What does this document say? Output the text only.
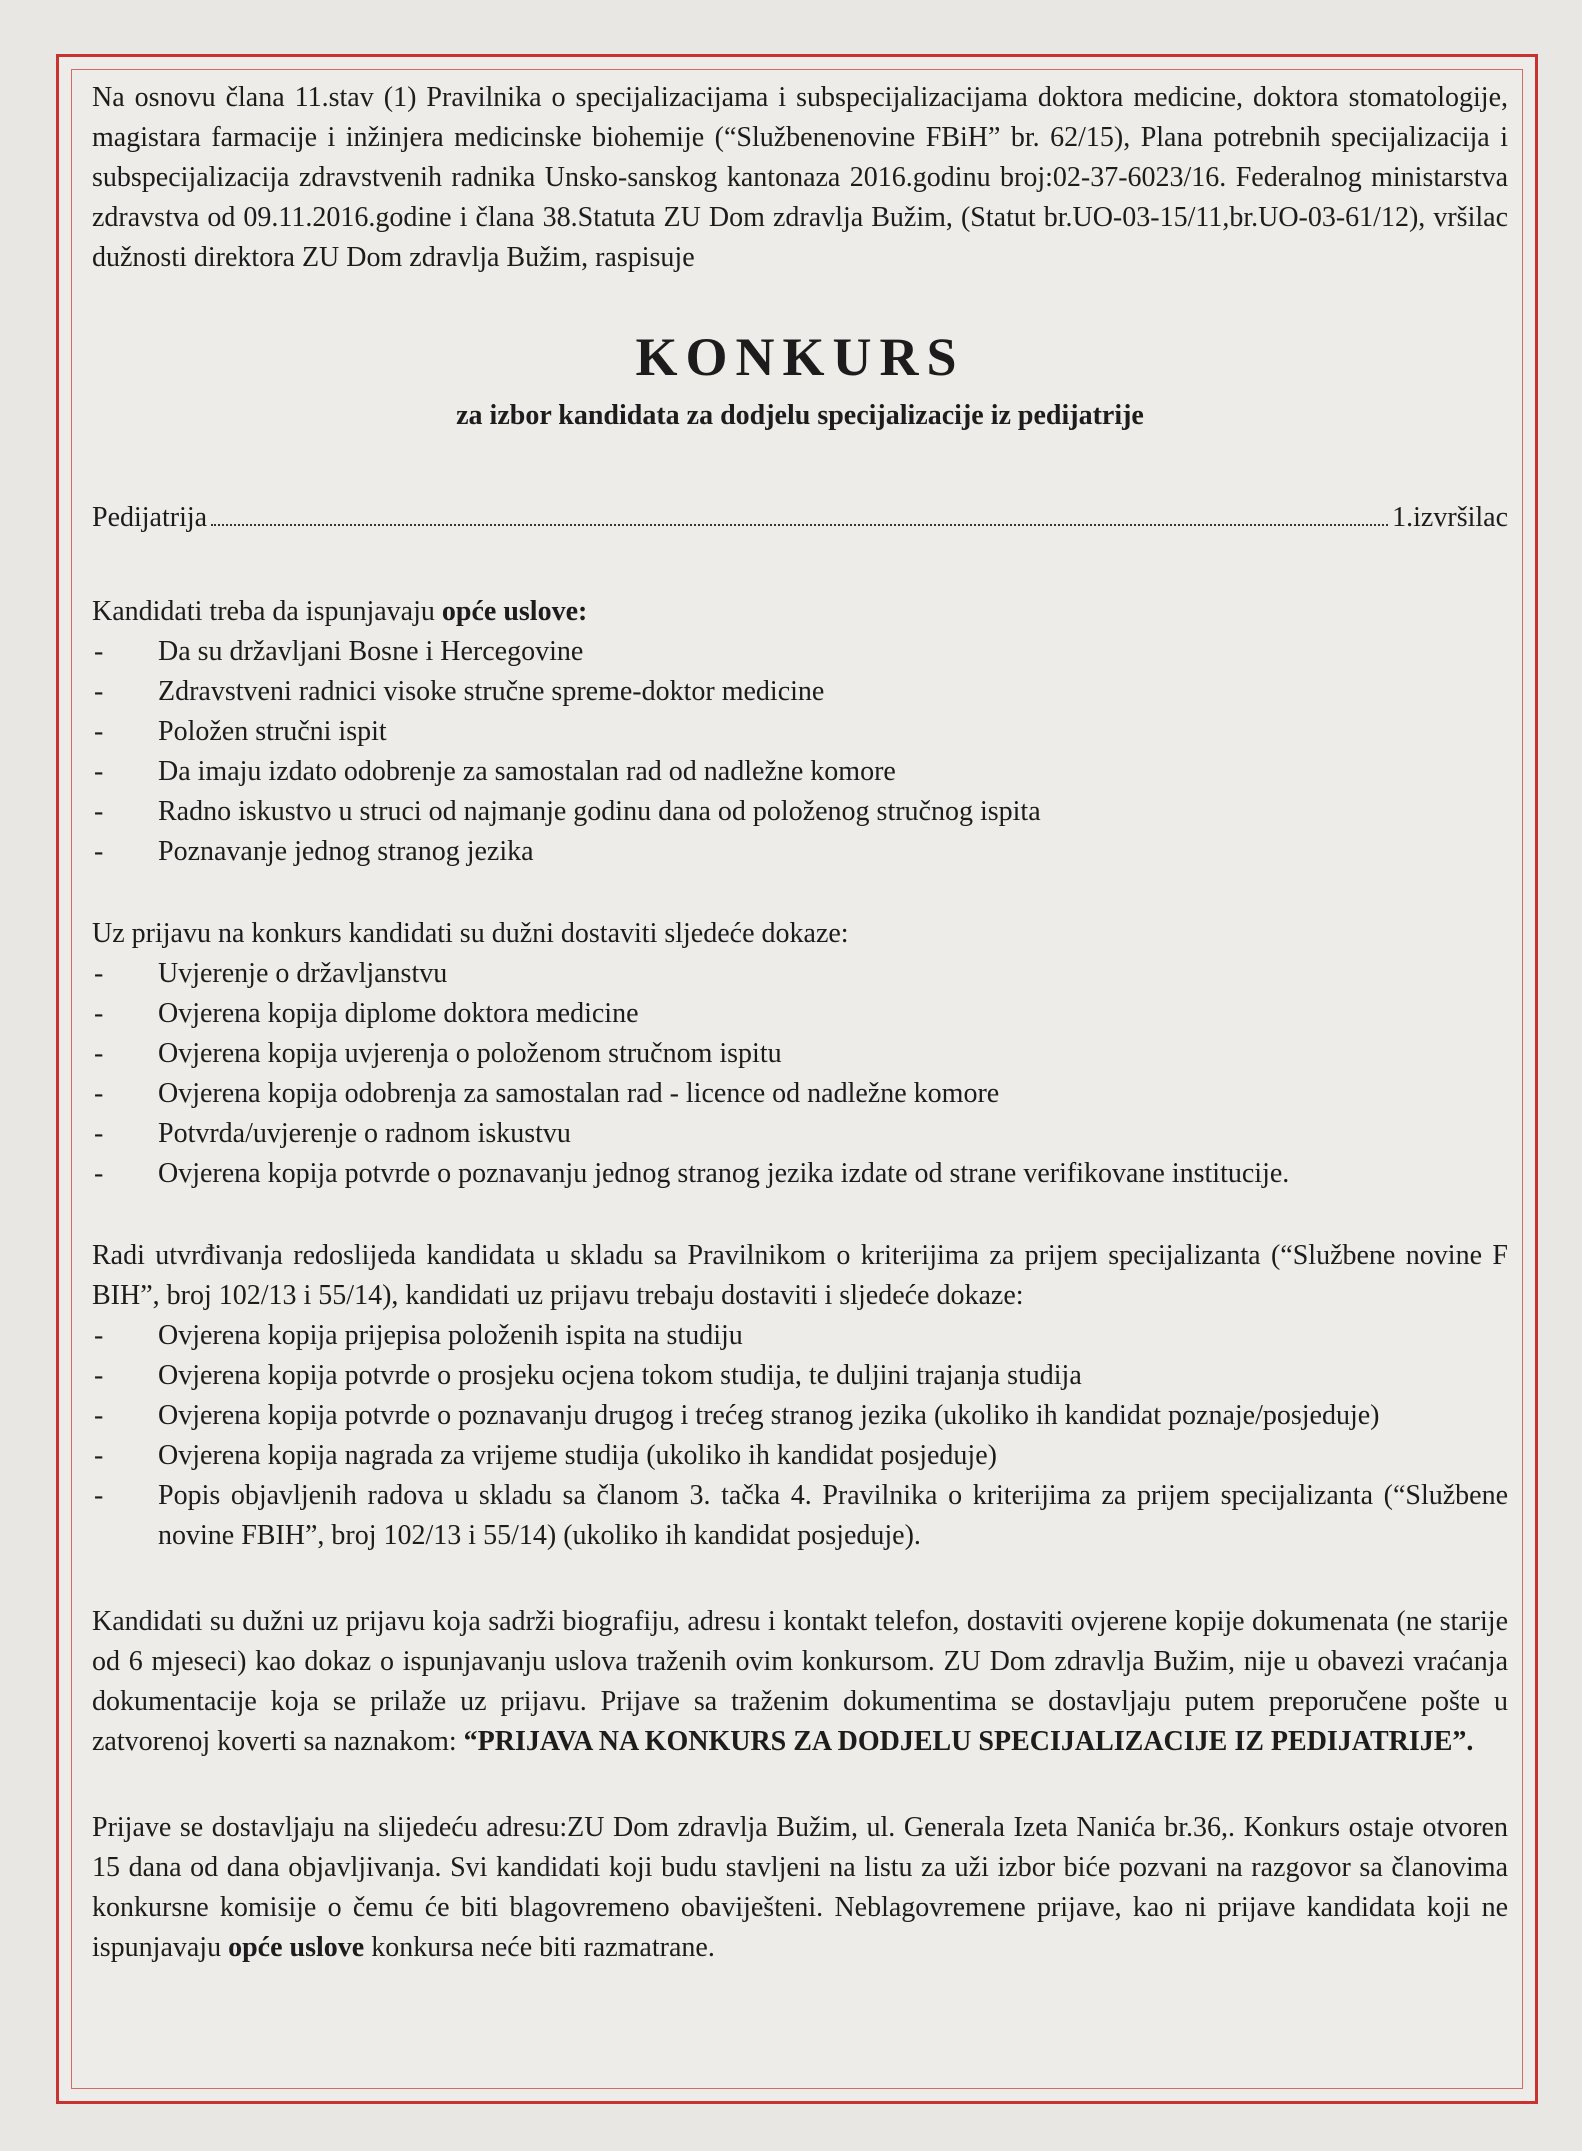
Na osnovu člana 11.stav (1) Pravilnika o specijalizacijama i subspecijalizacijama doktora medicine, doktora stomatologije, magistara farmacije i inžinjera medicinske biohemije (“Službenenovine FBiH” br. 62/15), Plana potrebnih specijalizacija i subspecijalizacija zdravstvenih radnika Unsko-sanskog kantonaza 2016.godinu broj:02-37-6023/16. Federalnog ministarstva zdravstva od 09.11.2016.godine i člana 38.Statuta ZU Dom zdravlja Bužim, (Statut br.UO-03-15/11,br.UO-03-61/12), vršilac dužnosti direktora ZU Dom zdravlja Bužim, raspisuje

KONKURS
za izbor kandidata za dodjelu specijalizacije iz pedijatrije
Pedijatrija	1.izvršilac

Kandidati treba da ispunjavaju opće uslove:

- Da su državljani Bosne i Hercegovine
- Zdravstveni radnici visoke stručne spreme-doktor medicine
- Položen stručni ispit
- Da imaju izdato odobrenje za samostalan rad od nadležne komore
- Radno iskustvo u struci od najmanje godinu dana od položenog stručnog ispita
- Poznavanje jednog stranog jezika

Uz prijavu na konkurs kandidati su dužni dostaviti sljedeće dokaze:

- Uvjerenje o državljanstvu
- Ovjerena kopija diplome doktora medicine
- Ovjerena kopija uvjerenja o položenom stručnom ispitu
- Ovjerena kopija odobrenja za samostalan rad - licence od nadležne komore
- Potvrda/uvjerenje o radnom iskustvu
- Ovjerena kopija potvrde o poznavanju jednog stranog jezika izdate od strane verifikovane institucije.

Radi utvrđivanja redoslijeda kandidata u skladu sa Pravilnikom o kriterijima za prijem specijalizanta (“Službene novine F BIH”, broj 102/13 i 55/14), kandidati uz prijavu trebaju dostaviti i sljedeće dokaze:

- Ovjerena kopija prijepisa položenih ispita na studiju
- Ovjerena kopija potvrde o prosjeku ocjena tokom studija, te duljini trajanja studija
- Ovjerena kopija potvrde o poznavanju drugog i trećeg stranog jezika (ukoliko ih kandidat poznaje/posjeduje)
- Ovjerena kopija nagrada za vrijeme studija (ukoliko ih kandidat posjeduje)
- Popis objavljenih radova u skladu sa članom 3. tačka 4. Pravilnika o kriterijima za prijem specijalizanta (“Službene novine FBIH”, broj 102/13 i 55/14) (ukoliko ih kandidat posjeduje).

Kandidati su dužni uz prijavu koja sadrži biografiju, adresu i kontakt telefon, dostaviti ovjerene kopije dokumenata (ne starije od 6 mjeseci) kao dokaz o ispunjavanju uslova traženih ovim konkursom. ZU Dom zdravlja Bužim, nije u obavezi vraćanja dokumentacije koja se prilaže uz prijavu. Prijave sa traženim dokumentima se dostavljaju putem preporučene pošte u zatvorenoj koverti sa naznakom: “PRIJAVA NA KONKURS ZA DODJELU SPECIJALIZACIJE IZ PEDIJATRIJE”.

Prijave se dostavljaju na slijedeću adresu:ZU Dom zdravlja Bužim, ul. Generala Izeta Nanića br.36,. Konkurs ostaje otvoren 15 dana od dana objavljivanja. Svi kandidati koji budu stavljeni na listu za uži izbor biće pozvani na razgovor sa članovima konkursne komisije o čemu će biti blagovremeno obaviješteni. Neblagovremene prijave, kao ni prijave kandidata koji ne ispunjavaju opće uslove konkursa neće biti razmatrane.
